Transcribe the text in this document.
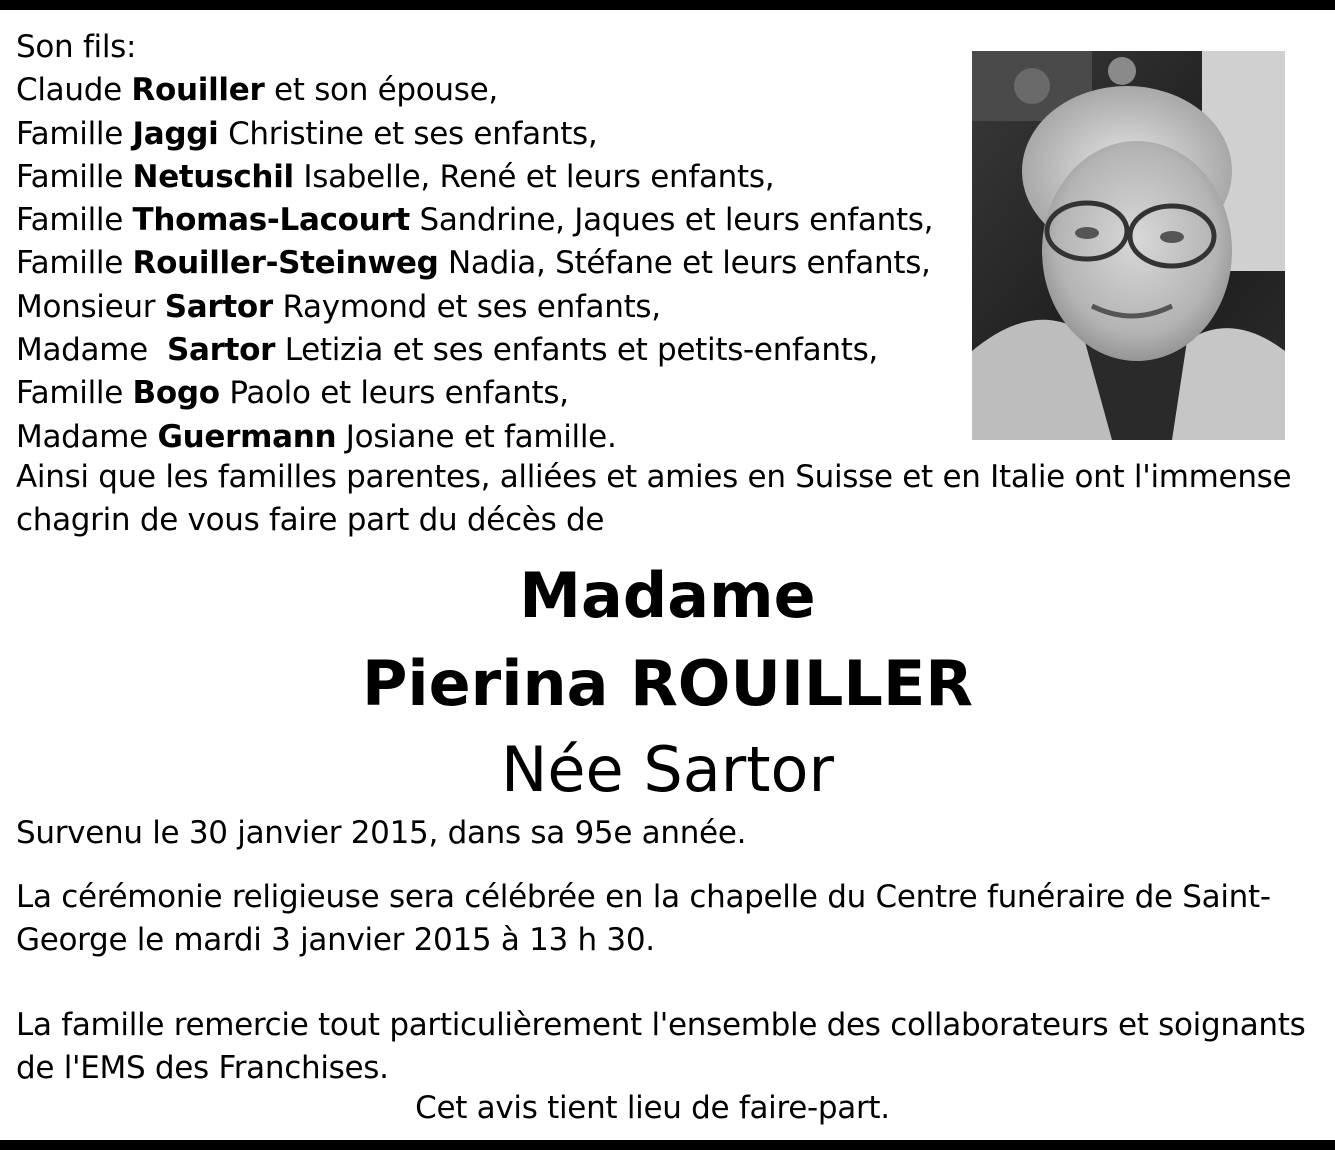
Son fils:
Claude Rouiller et son épouse,
Famille Jaggi Christine et ses enfants,
Famille Netuschil Isabelle, René et leurs enfants,
Famille Thomas-Lacourt Sandrine, Jaques et leurs enfants,
Famille Rouiller-Steinweg Nadia, Stéfane et leurs enfants,
Monsieur Sartor Raymond et ses enfants,
Madame  Sartor Letizia et ses enfants et petits-enfants,
Famille Bogo Paolo et leurs enfants,
Madame Guermann Josiane et famille.
Ainsi que les familles parentes, alliées et amies en Suisse et en Italie ont l'immense chagrin de vous faire part du décès de
Madame
Pierina ROUILLER
Née Sartor
Survenu le 30 janvier 2015, dans sa 95e année.
La cérémonie religieuse sera célébrée en la chapelle du Centre funéraire de Saint-George le mardi 3 janvier 2015 à 13 h 30.
La famille remercie tout particulièrement l'ensemble des collaborateurs et soignants de l'EMS des Franchises.
Cet avis tient lieu de faire-part.
